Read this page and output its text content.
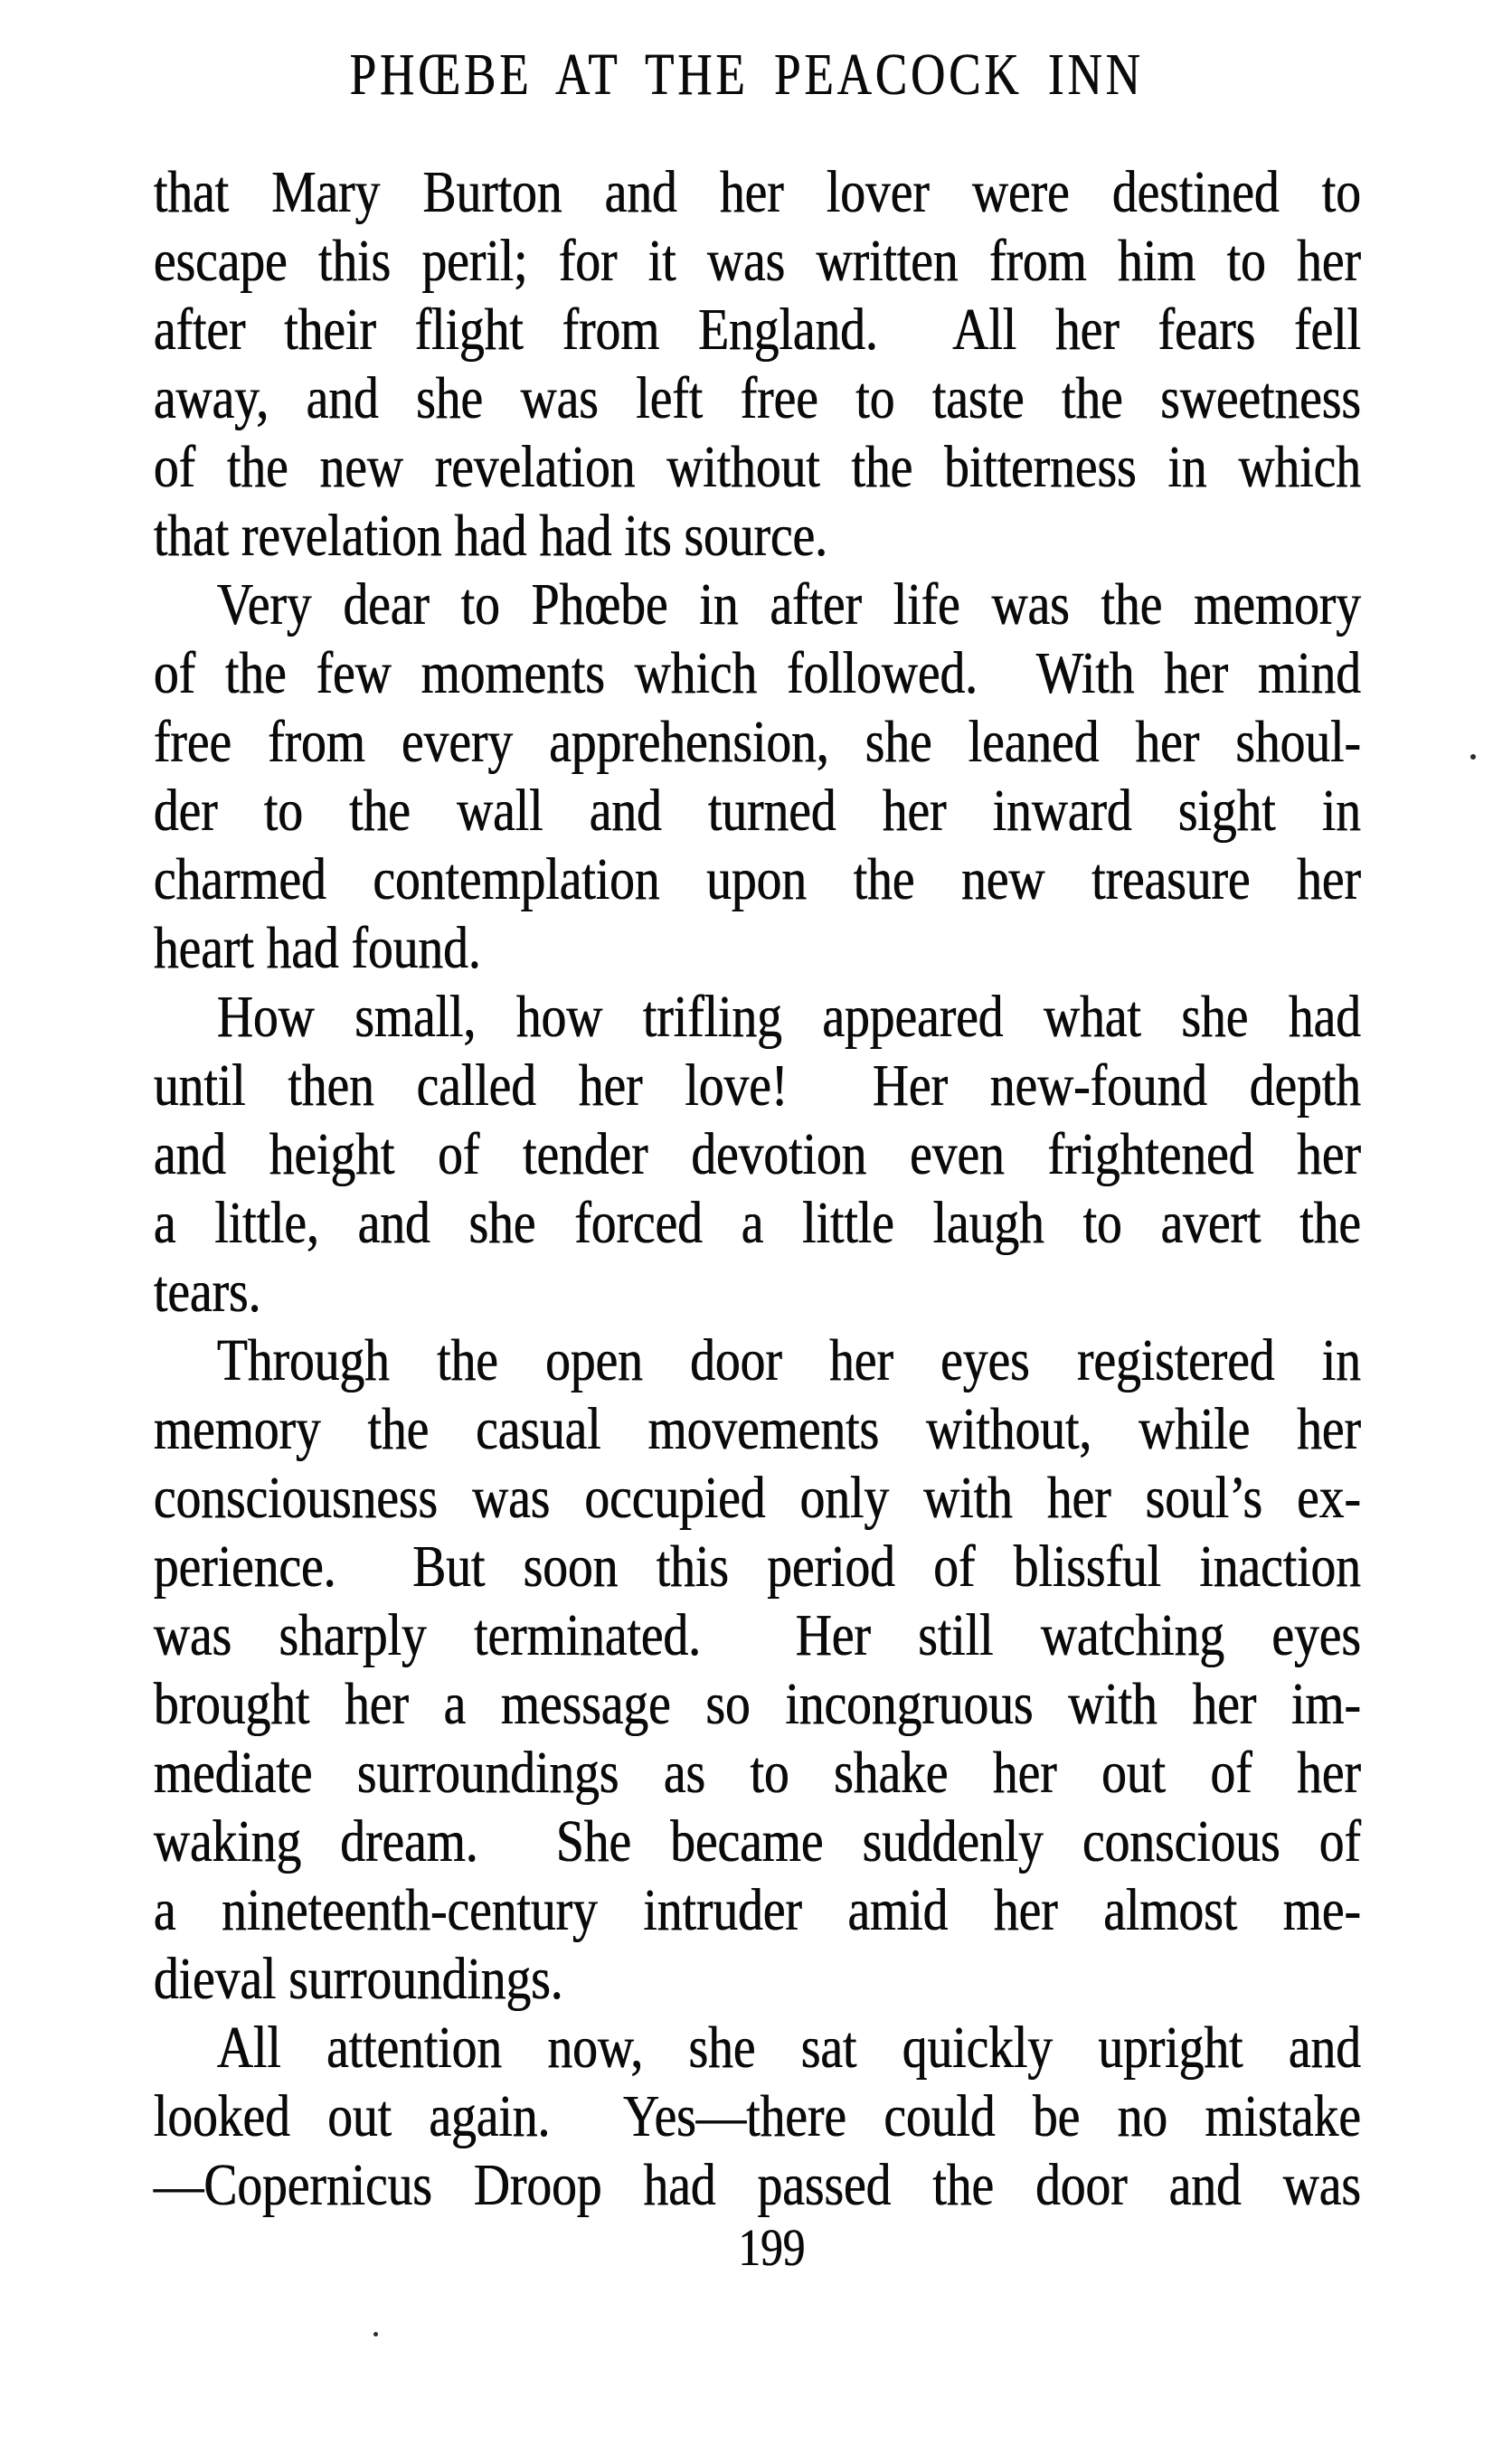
PHŒBE AT THE PEACOCK INN
that Mary Burton and her lover were destined to
escape this peril; for it was written from him to her
after their flight from England.  All her fears fell
away, and she was left free to taste the sweetness
of the new revelation without the bitterness in which
that revelation had had its source.
Very dear to Phœbe in after life was the memory
of the few moments which followed.  With her mind
free from every apprehension, she leaned her shoul-
der to the wall and turned her inward sight in
charmed contemplation upon the new treasure her
heart had found.
How small, how trifling appeared what she had
until then called her love!  Her new-found depth
and height of tender devotion even frightened her
a little, and she forced a little laugh to avert the
tears.
Through the open door her eyes registered in
memory the casual movements without, while her
consciousness was occupied only with her soul’s ex-
perience.  But soon this period of blissful inaction
was sharply terminated.  Her still watching eyes
brought her a message so incongruous with her im-
mediate surroundings as to shake her out of her
waking dream.  She became suddenly conscious of
a nineteenth-century intruder amid her almost me-
dieval surroundings.
All attention now, she sat quickly upright and
looked out again.  Yes—there could be no mistake
—Copernicus Droop had passed the door and was
199
